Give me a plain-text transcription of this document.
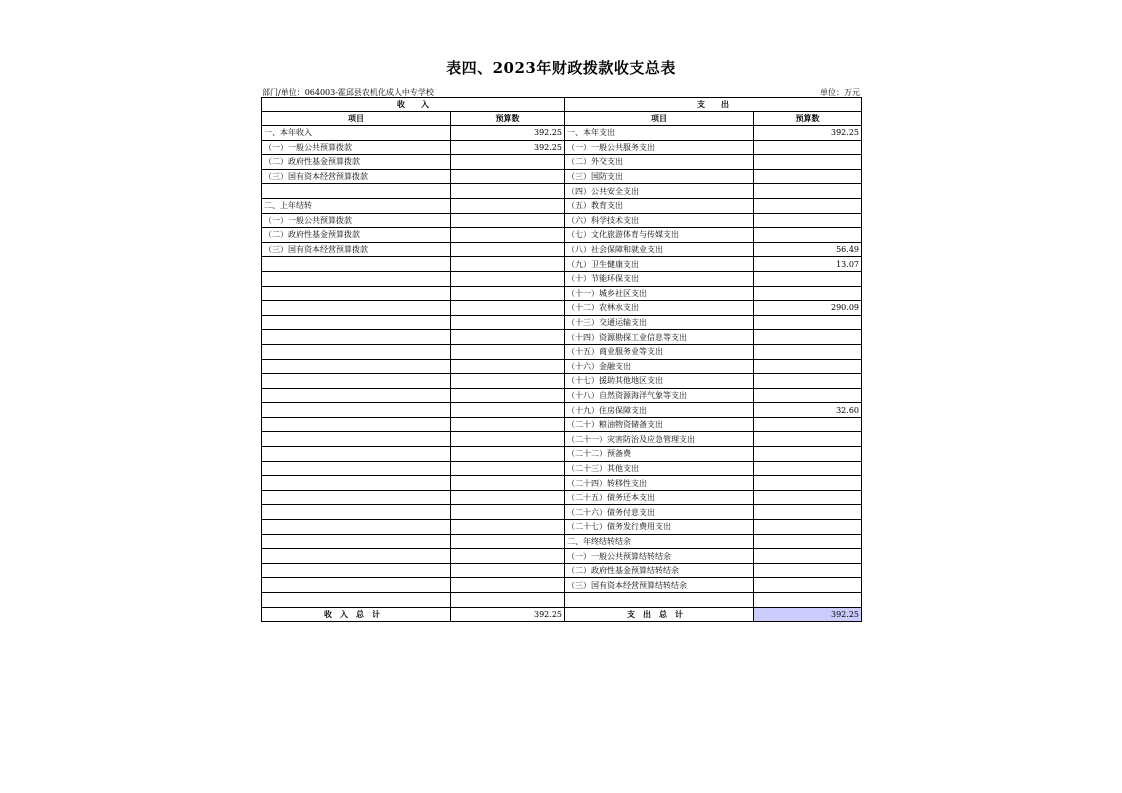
表四、2023年财政拨款收支总表
部门/单位：064003-霍邱县农机化成人中专学校	单位：万元
收　　入		支　　出	
项目	预算数	项目	预算数
一、本年收入	392.25	一、本年支出	392.25
（一）一般公共预算拨款	392.25	（一）一般公共服务支出	
（二）政府性基金预算拨款		（二）外交支出	
（三）国有资本经营预算拨款		（三）国防支出	
		（四）公共安全支出	
二、上年结转		（五）教育支出	
（一）一般公共预算拨款		（六）科学技术支出	
（二）政府性基金预算拨款		（七）文化旅游体育与传媒支出	
（三）国有资本经营预算拨款		（八）社会保障和就业支出	56.49
		（九）卫生健康支出	13.07
		（十）节能环保支出	
		（十一）城乡社区支出	
		（十二）农林水支出	290.09
		（十三）交通运输支出	
		（十四）资源勘探工业信息等支出	
		（十五）商业服务业等支出	
		（十六）金融支出	
		（十七）援助其他地区支出	
		（十八）自然资源海洋气象等支出	
		（十九）住房保障支出	32.60
		（二十）粮油物资储备支出	
		（二十一）灾害防治及应急管理支出	
		（二十二）预备费	
		（二十三）其他支出	
		（二十四）转移性支出	
		（二十五）债务还本支出	
		（二十六）债务付息支出	
		（二十七）债务发行费用支出	
		二、年终结转结余	
		（一）一般公共预算结转结余	
		（二）政府性基金预算结转结余	
		（三）国有资本经营预算结转结余	

收入总计	392.25	支出总计	392.25
